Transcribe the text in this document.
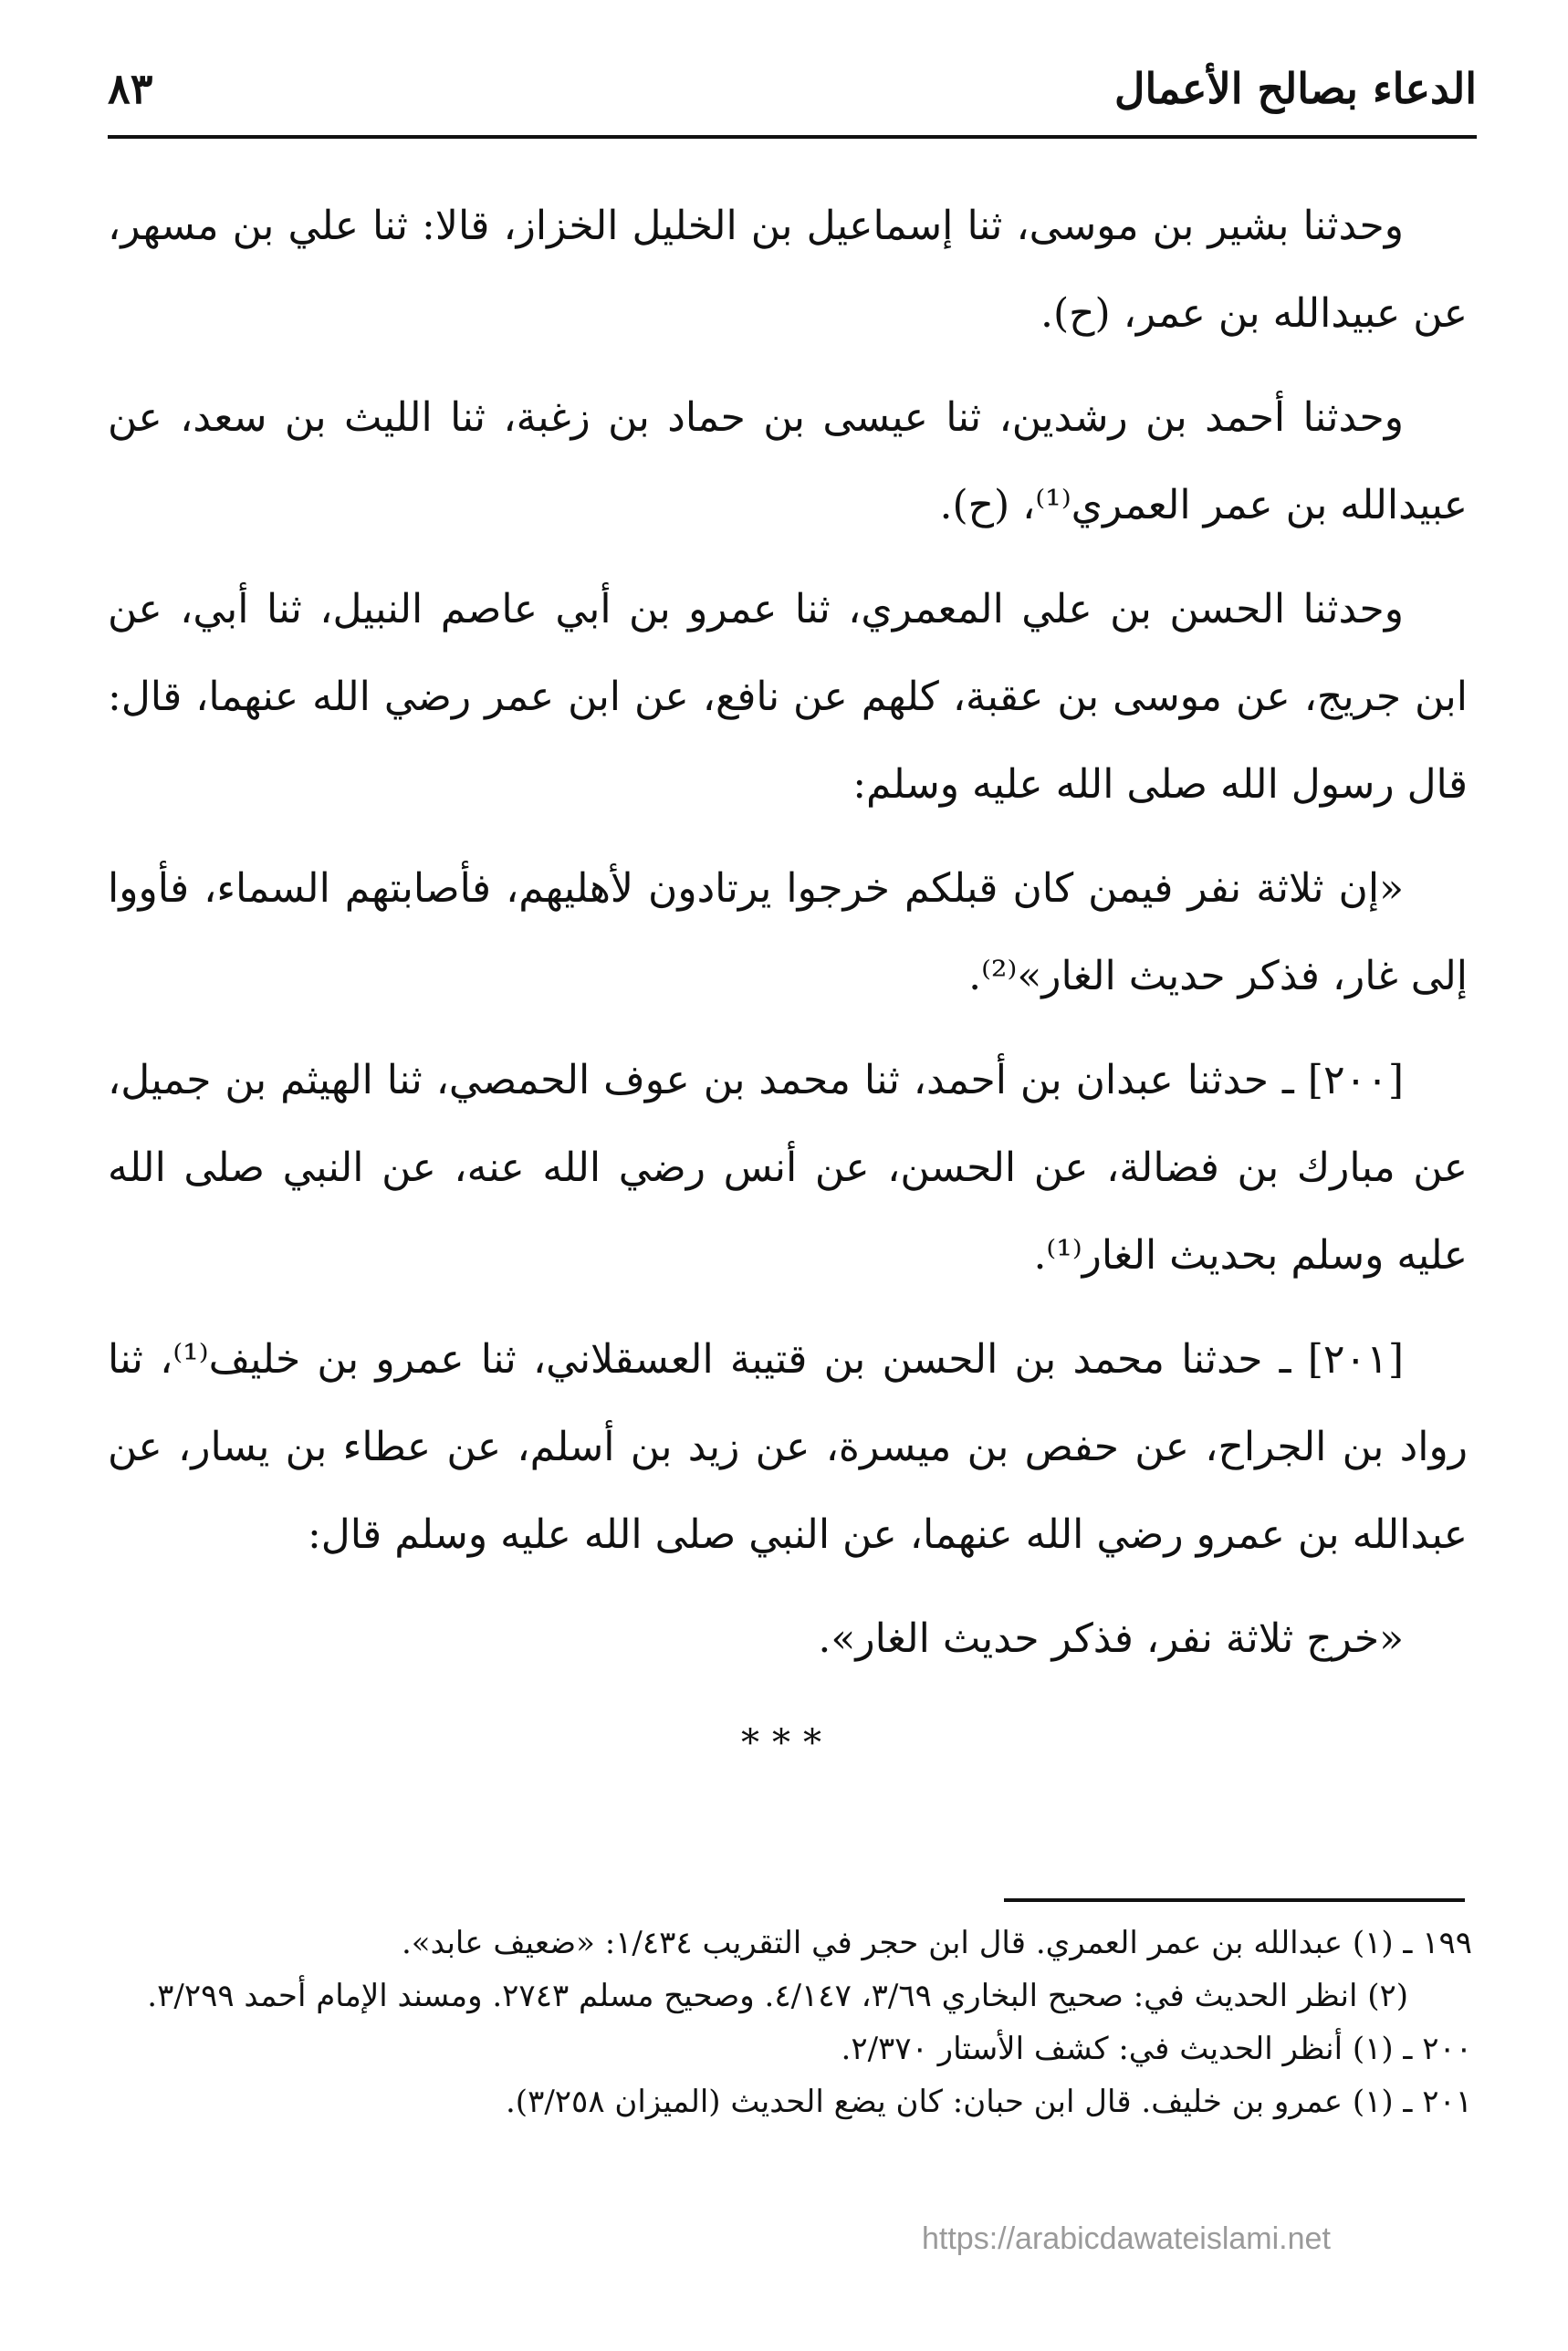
الدعاء بصالح الأعمال
٨٣

وحدثنا بشير بن موسى، ثنا إسماعيل بن الخليل الخزاز، قالا: ثنا علي بن مسهر، عن عبيدالله بن عمر، (ح).

وحدثنا أحمد بن رشدين، ثنا عيسى بن حماد بن زغبة، ثنا الليث بن سعد، عن عبيدالله بن عمر العمري⁽¹⁾، (ح).

وحدثنا الحسن بن علي المعمري، ثنا عمرو بن أبي عاصم النبيل، ثنا أبي، عن ابن جريج، عن موسى بن عقبة، كلهم عن نافع، عن ابن عمر رضي الله عنهما، قال: قال رسول الله صلى الله عليه وسلم:

«إن ثلاثة نفر فيمن كان قبلكم خرجوا يرتادون لأهليهم، فأصابتهم السماء، فأووا إلى غار، فذكر حديث الغار»⁽²⁾.

[٢٠٠] ـ حدثنا عبدان بن أحمد، ثنا محمد بن عوف الحمصي، ثنا الهيثم بن جميل، عن مبارك بن فضالة، عن الحسن، عن أنس رضي الله عنه، عن النبي صلى الله عليه وسلم بحديث الغار⁽¹⁾.

[٢٠١] ـ حدثنا محمد بن الحسن بن قتيبة العسقلاني، ثنا عمرو بن خليف⁽¹⁾، ثنا رواد بن الجراح، عن حفص بن ميسرة، عن زيد بن أسلم، عن عطاء بن يسار، عن عبدالله بن عمرو رضي الله عنهما، عن النبي صلى الله عليه وسلم قال:

«خرج ثلاثة نفر، فذكر حديث الغار».

***

١٩٩ ـ (١) عبدالله بن عمر العمري. قال ابن حجر في التقريب ١/٤٣٤: «ضعيف عابد».

(٢) انظر الحديث في: صحيح البخاري ٣/٦٩، ٤/١٤٧. وصحيح مسلم ٢٧٤٣. ومسند الإمام أحمد ٣/٢٩٩.

٢٠٠ ـ (١) أنظر الحديث في: كشف الأستار ٢/٣٧٠.

٢٠١ ـ (١) عمرو بن خليف. قال ابن حبان: كان يضع الحديث (الميزان ٣/٢٥٨).

https://arabicdawateislami.net
